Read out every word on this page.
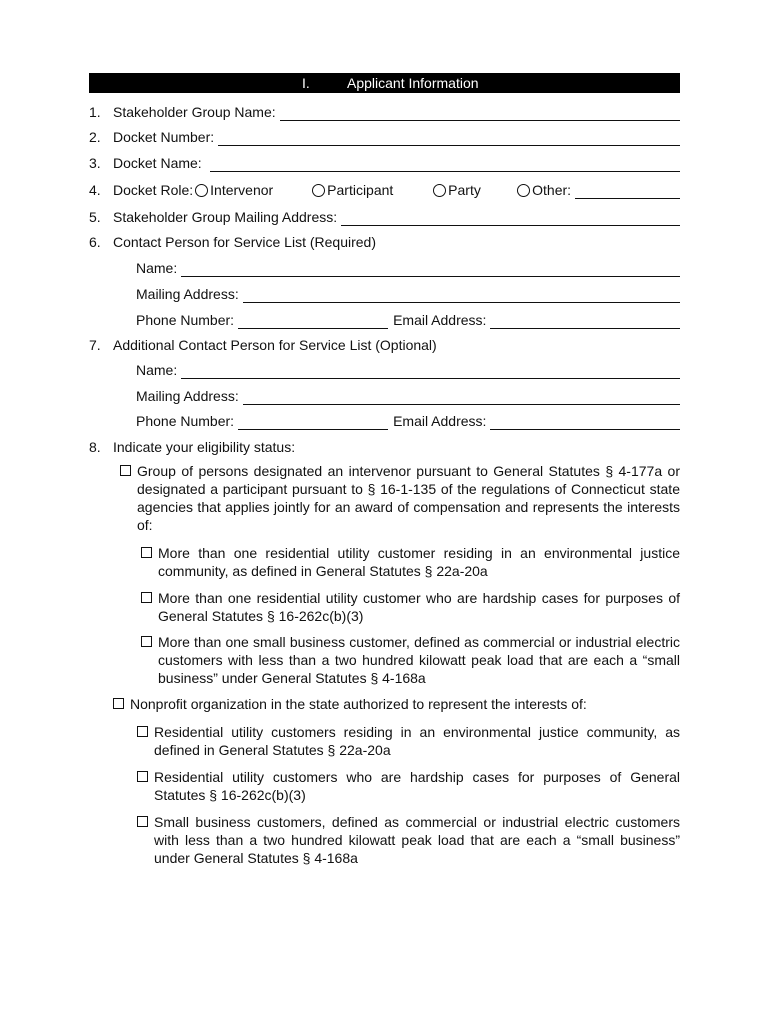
I.	Applicant Information
1. Stakeholder Group Name:
2. Docket Number:
3. Docket Name:
4. Docket Role: Intervenor	Participant	Party	Other:
5. Stakeholder Group Mailing Address:
6. Contact Person for Service List (Required)
Name:
Mailing Address:
Phone Number:	Email Address:
7. Additional Contact Person for Service List (Optional)
Name:
Mailing Address:
Phone Number:	Email Address:
8. Indicate your eligibility status:
Group of persons designated an intervenor pursuant to General Statutes § 4-177a or designated a participant pursuant to § 16-1-135 of the regulations of Connecticut state agencies that applies jointly for an award of compensation and represents the interests of:
More than one residential utility customer residing in an environmental justice community, as defined in General Statutes § 22a-20a
More than one residential utility customer who are hardship cases for purposes of General Statutes § 16-262c(b)(3)
More than one small business customer, defined as commercial or industrial electric customers with less than a two hundred kilowatt peak load that are each a “small business” under General Statutes § 4-168a
Nonprofit organization in the state authorized to represent the interests of:
Residential utility customers residing in an environmental justice community, as defined in General Statutes § 22a-20a
Residential utility customers who are hardship cases for purposes of General Statutes § 16-262c(b)(3)
Small business customers, defined as commercial or industrial electric customers with less than a two hundred kilowatt peak load that are each a “small business” under General Statutes § 4-168a
